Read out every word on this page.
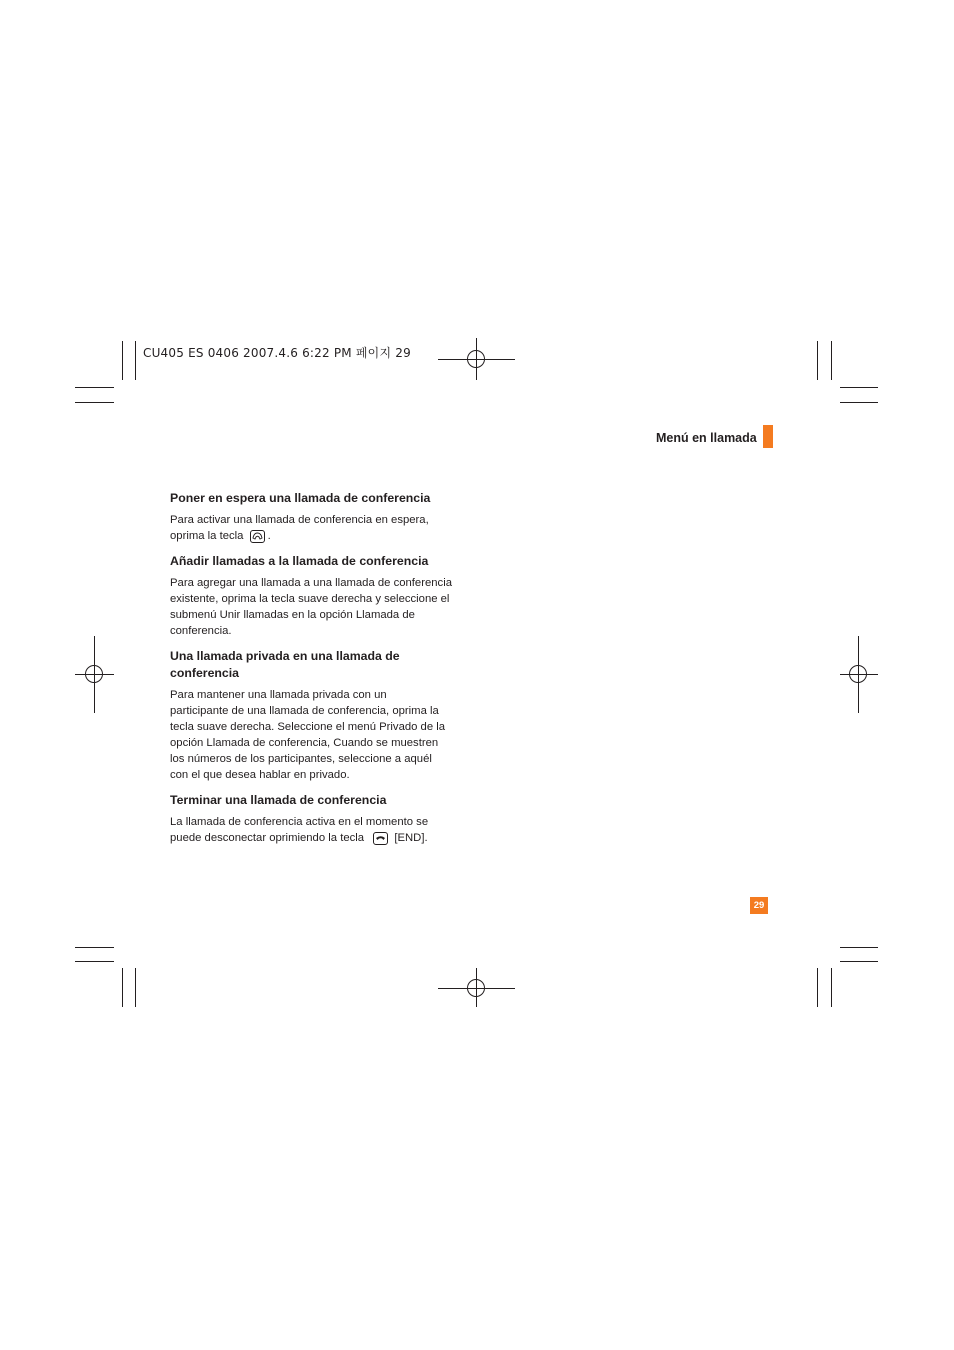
CU405 ES 0406 2007.4.6 6:22 PM 페이지 29
Menú en llamada
Poner en espera una llamada de conferencia

Para activar una llamada de conferencia en espera,
oprima la tecla .

Añadir llamadas a la llamada de conferencia

Para agregar una llamada a una llamada de conferencia
existente, oprima la tecla suave derecha y seleccione el
submenú Unir llamadas en la opción Llamada de
conferencia.

Una llamada privada en una llamada de
conferencia

Para mantener una llamada privada con un
participante de una llamada de conferencia, oprima la
tecla suave derecha. Seleccione el menú Privado de la
opción Llamada de conferencia, Cuando se muestren
los números de los participantes, seleccione a aquél
con el que desea hablar en privado.

Terminar una llamada de conferencia

La llamada de conferencia activa en el momento se
puede desconectar oprimiendo la tecla	[END].

29
